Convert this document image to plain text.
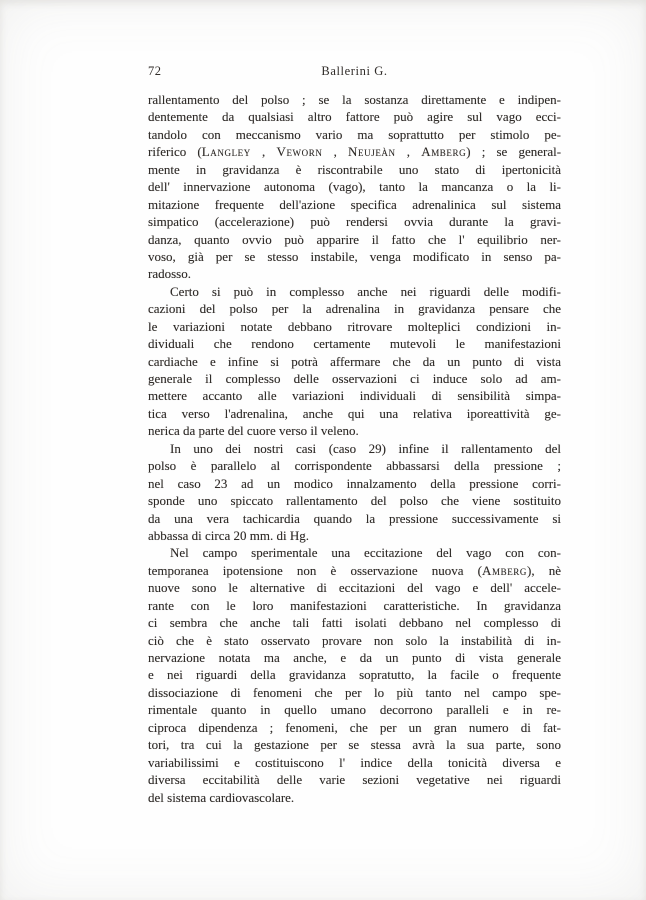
72	Ballerini G.
rallentamento del polso ; se la sostanza direttamente e indipen-
dentemente da qualsiasi altro fattore può agire sul vago ecci-
tandolo con meccanismo vario ma soprattutto per stimolo pe-
riferico (Langley , Veworn , Neujeàn , Amberg) ; se general-
mente in gravidanza è riscontrabile uno stato di ipertonicità
dell' innervazione autonoma (vago), tanto la mancanza o la li-
mitazione frequente dell'azione specifica adrenalinica sul sistema
simpatico (accelerazione) può rendersi ovvia durante la gravi-
danza, quanto ovvio può apparire il fatto che l' equilibrio ner-
voso, già per se stesso instabile, venga modificato in senso pa-
radosso.
Certo si può in complesso anche nei riguardi delle modifi-
cazioni del polso per la adrenalina in gravidanza pensare che
le variazioni notate debbano ritrovare molteplici condizioni in-
dividuali che rendono certamente mutevoli le manifestazioni
cardiache e infine si potrà affermare che da un punto di vista
generale il complesso delle osservazioni ci induce solo ad am-
mettere accanto alle variazioni individuali di sensibilità simpa-
tica verso l'adrenalina, anche qui una relativa iporeattività ge-
nerica da parte del cuore verso il veleno.
In uno dei nostri casi (caso 29) infine il rallentamento del
polso è parallelo al corrispondente abbassarsi della pressione ;
nel caso 23 ad un modico innalzamento della pressione corri-
sponde uno spiccato rallentamento del polso che viene sostituito
da una vera tachicardia quando la pressione successivamente si
abbassa di circa 20 mm. di Hg.
Nel campo sperimentale una eccitazione del vago con con-
temporanea ipotensione non è osservazione nuova (Amberg), nè
nuove sono le alternative di eccitazioni del vago e dell' accele-
rante con le loro manifestazioni caratteristiche. In gravidanza
ci sembra che anche tali fatti isolati debbano nel complesso di
ciò che è stato osservato provare non solo la instabilità di in-
nervazione notata ma anche, e da un punto di vista generale
e nei riguardi della gravidanza sopratutto, la facile o frequente
dissociazione di fenomeni che per lo più tanto nel campo spe-
rimentale quanto in quello umano decorrono paralleli e in re-
ciproca dipendenza ; fenomeni, che per un gran numero di fat-
tori, tra cui la gestazione per se stessa avrà la sua parte, sono
variabilissimi e costituiscono l' indice della tonicità diversa e
diversa eccitabilità delle varie sezioni vegetative nei riguardi
del sistema cardiovascolare.
